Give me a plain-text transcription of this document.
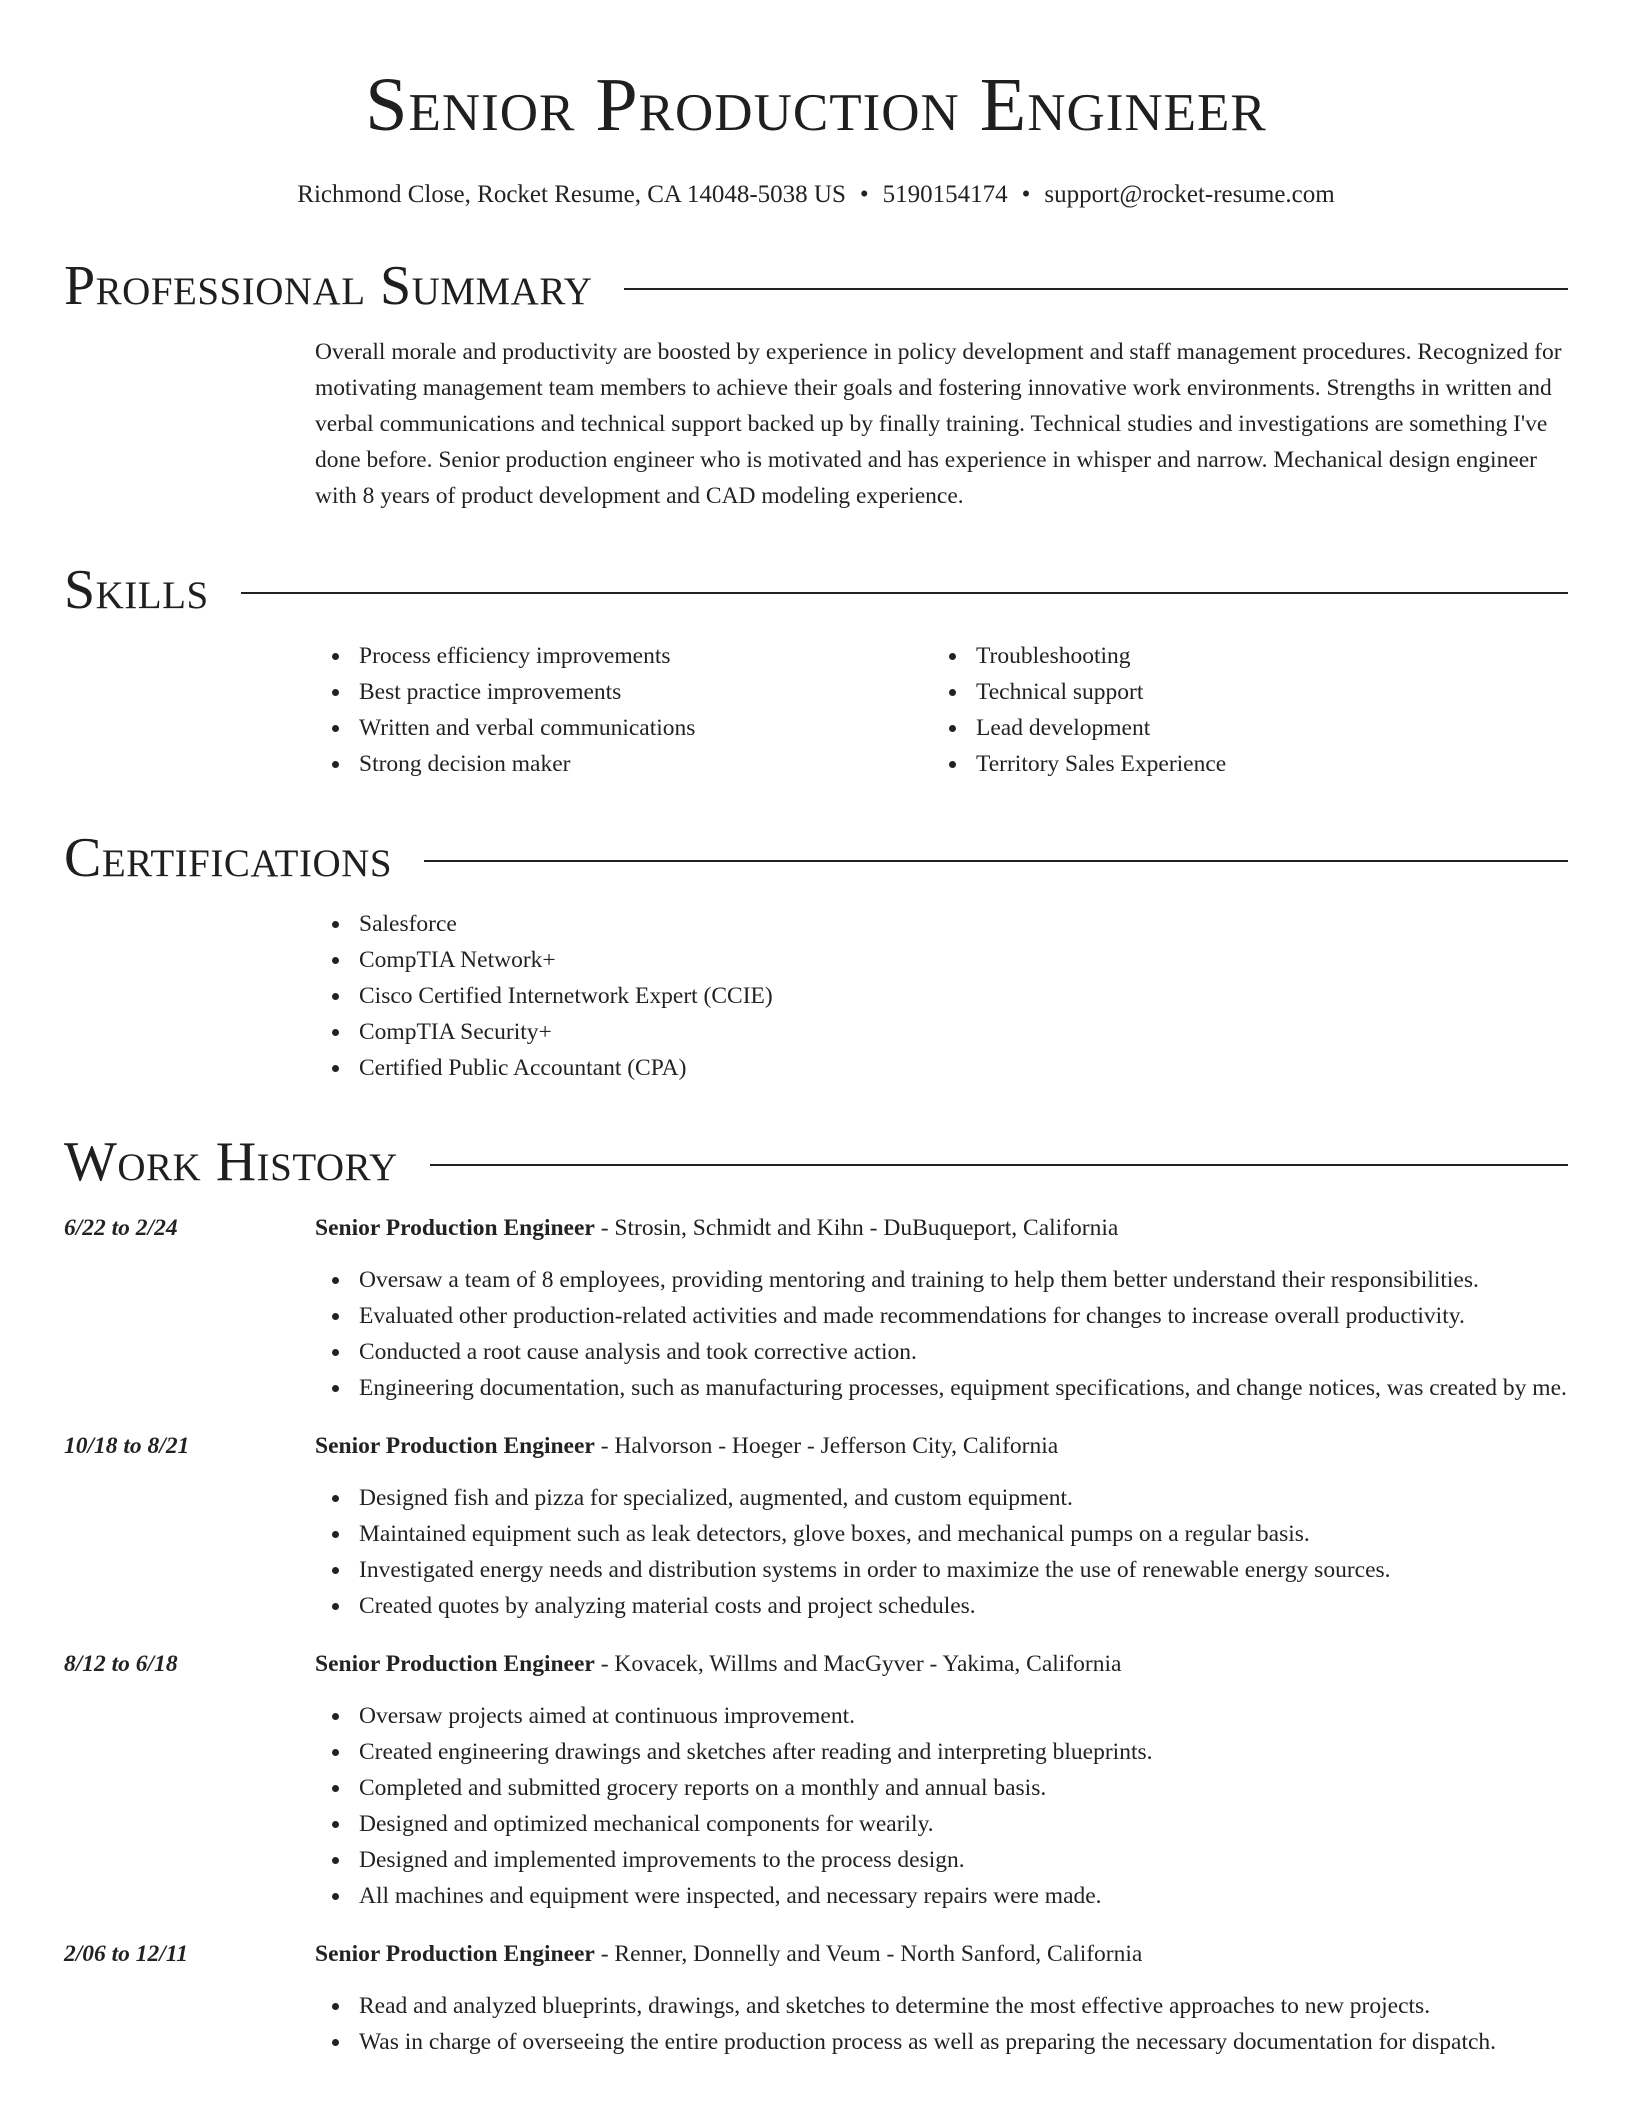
Senior Production Engineer
Richmond Close, Rocket Resume, CA 14048-5038 US • 5190154174 • support@rocket-resume.com
Professional Summary

Overall morale and productivity are boosted by experience in policy development and staff management procedures. Recognized for motivating management team members to achieve their goals and fostering innovative work environments. Strengths in written and verbal communications and technical support backed up by finally training. Technical studies and investigations are something I've done before. Senior production engineer who is motivated and has experience in whisper and narrow. Mechanical design engineer with 8 years of product development and CAD modeling experience.

Skills
Process efficiency improvements
Best practice improvements
Written and verbal communications
Strong decision maker
Troubleshooting
Technical support
Lead development
Territory Sales Experience
Certifications
Salesforce
CompTIA Network+
Cisco Certified Internetwork Expert (CCIE)
CompTIA Security+
Certified Public Accountant (CPA)
Work History
6/22 to 2/24	Senior Production Engineer - Strosin, Schmidt and Kihn - DuBuqueport, California
Oversaw a team of 8 employees, providing mentoring and training to help them better understand their responsibilities.
Evaluated other production-related activities and made recommendations for changes to increase overall productivity.
Conducted a root cause analysis and took corrective action.
Engineering documentation, such as manufacturing processes, equipment specifications, and change notices, was created by me.
10/18 to 8/21	Senior Production Engineer - Halvorson - Hoeger - Jefferson City, California
Designed fish and pizza for specialized, augmented, and custom equipment.
Maintained equipment such as leak detectors, glove boxes, and mechanical pumps on a regular basis.
Investigated energy needs and distribution systems in order to maximize the use of renewable energy sources.
Created quotes by analyzing material costs and project schedules.
8/12 to 6/18	Senior Production Engineer - Kovacek, Willms and MacGyver - Yakima, California
Oversaw projects aimed at continuous improvement.
Created engineering drawings and sketches after reading and interpreting blueprints.
Completed and submitted grocery reports on a monthly and annual basis.
Designed and optimized mechanical components for wearily.
Designed and implemented improvements to the process design.
All machines and equipment were inspected, and necessary repairs were made.
2/06 to 12/11	Senior Production Engineer - Renner, Donnelly and Veum - North Sanford, California
Read and analyzed blueprints, drawings, and sketches to determine the most effective approaches to new projects.
Was in charge of overseeing the entire production process as well as preparing the necessary documentation for dispatch.
